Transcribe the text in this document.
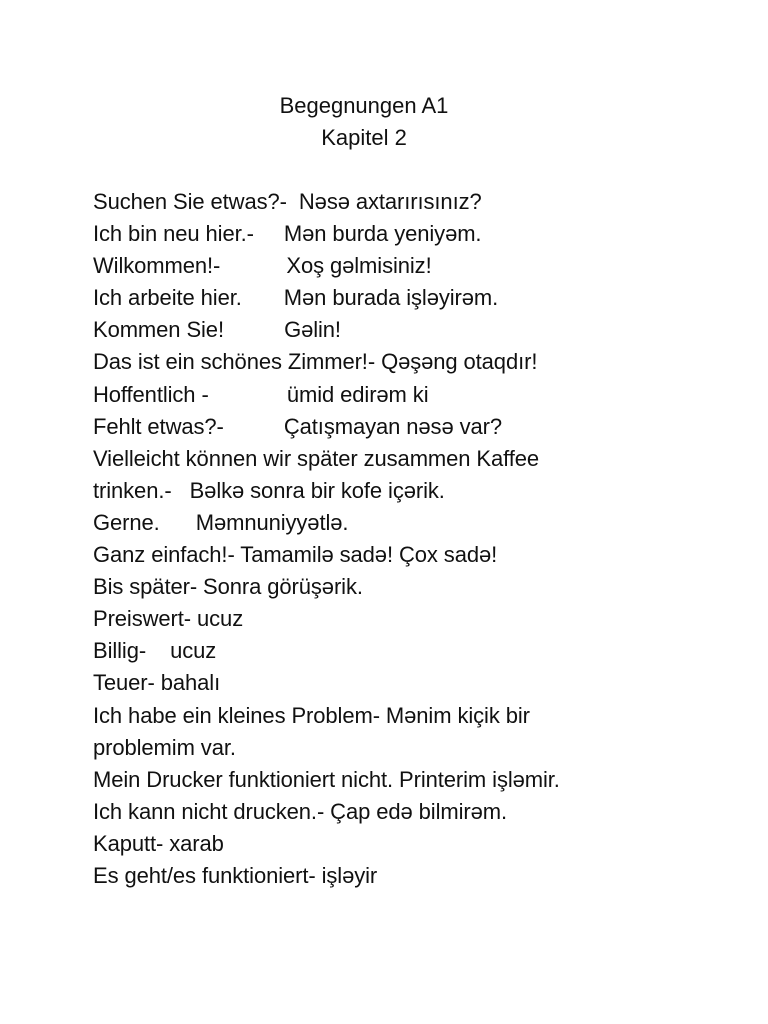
Begegnungen A1
Kapitel 2
Suchen Sie etwas?-  Nəsə axtarırısınız?
Ich bin neu hier.-     Mən burda yeniyəm.
Wilkommen!-           Xoş gəlmisiniz!
Ich arbeite hier.       Mən burada işləyirəm.
Kommen Sie!          Gəlin!
Das ist ein schönes Zimmer!- Qəşəng otaqdır!
Hoffentlich -             ümid edirəm ki
Fehlt etwas?-          Çatışmayan nəsə var?
Vielleicht können wir später zusammen Kaffee
trinken.-   Bəlkə sonra bir kofe içərik.
Gerne.      Məmnuniyyətlə.
Ganz einfach!- Tamamilə sadə! Çox sadə!
Bis später- Sonra görüşərik.
Preiswert- ucuz
Billig-    ucuz
Teuer- bahalı
Ich habe ein kleines Problem- Mənim kiçik bir
problemim var.
Mein Drucker funktioniert nicht. Printerim işləmir.
Ich kann nicht drucken.- Çap edə bilmirəm.
Kaputt- xarab
Es geht/es funktioniert- işləyir
